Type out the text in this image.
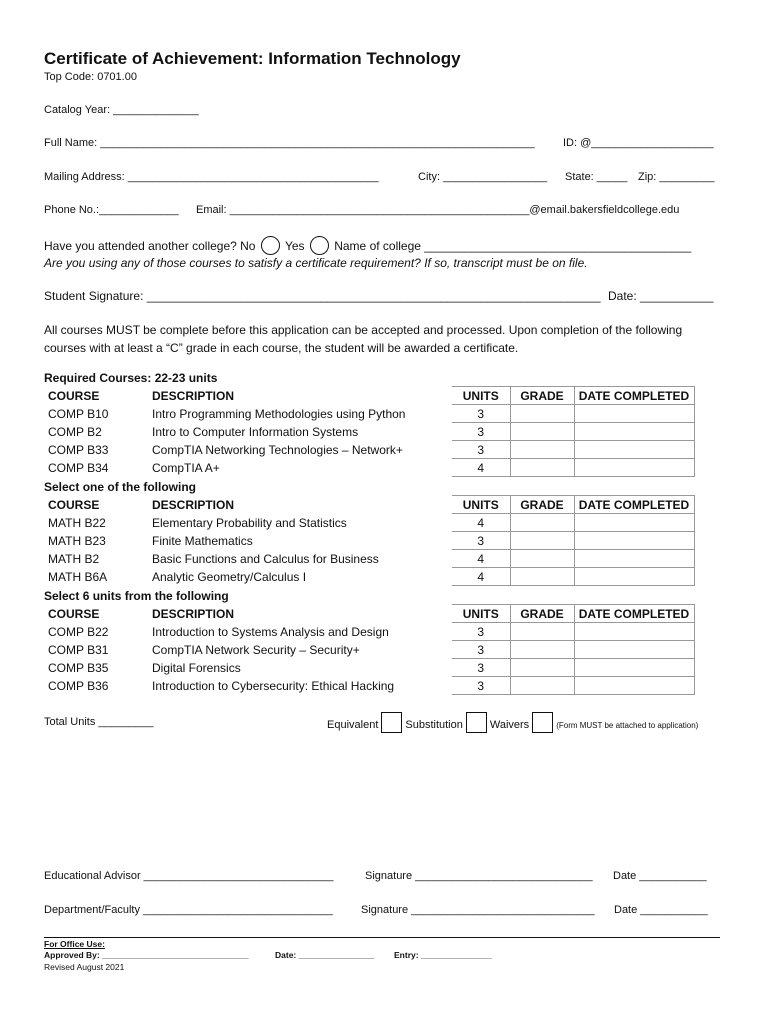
Certificate of Achievement: Information Technology
Top Code: 0701.00
Catalog Year: ______________
Full Name: _______________________________________________________________________	ID: @____________________
Mailing Address: _________________________________________	City: _________________ State: _____ Zip: _________
Phone No.:_____________ Email: _________________________________________________@email.bakersfieldcollege.edu
Have you attended another college? No Yes Name of college ________________________________________
Are you using any of those courses to satisfy a certificate requirement? If so, transcript must be on file.
Student Signature: ____________________________________________________________________ Date: ___________
All courses MUST be complete before this application can be accepted and processed. Upon completion of the following
courses with at least a “C” grade in each course, the student will be awarded a certificate.
Required Courses: 22-23 units
COURSE	DESCRIPTION	UNITS	GRADE	DATE COMPLETED
COMP B10	Intro Programming Methodologies using Python	3		
COMP B2	Intro to Computer Information Systems	3		
COMP B33	CompTIA Networking Technologies – Network+	3		
COMP B34	CompTIA A+	4		
Select one of the following
COURSE	DESCRIPTION	UNITS	GRADE	DATE COMPLETED
MATH B22	Elementary Probability and Statistics	4		
MATH B23	Finite Mathematics	3		
MATH B2	Basic Functions and Calculus for Business	4		
MATH B6A	Analytic Geometry/Calculus I	4		
Select 6 units from the following
COURSE	DESCRIPTION	UNITS	GRADE	DATE COMPLETED
COMP B22	Introduction to Systems Analysis and Design	3		
COMP B31	CompTIA Network Security – Security+	3		
COMP B35	Digital Forensics	3		
COMP B36	Introduction to Cybersecurity: Ethical Hacking	3		
Total Units _________	Equivalent Substitution Waivers	(Form MUST be attached to application)
Educational Advisor _______________________________	Signature _____________________________ Date ___________
Department/Faculty _______________________________	Signature ______________________________ Date ___________
For Office Use:
Approved By: _______________________________	Date: ________________ Entry: _______________
Revised August 2021
